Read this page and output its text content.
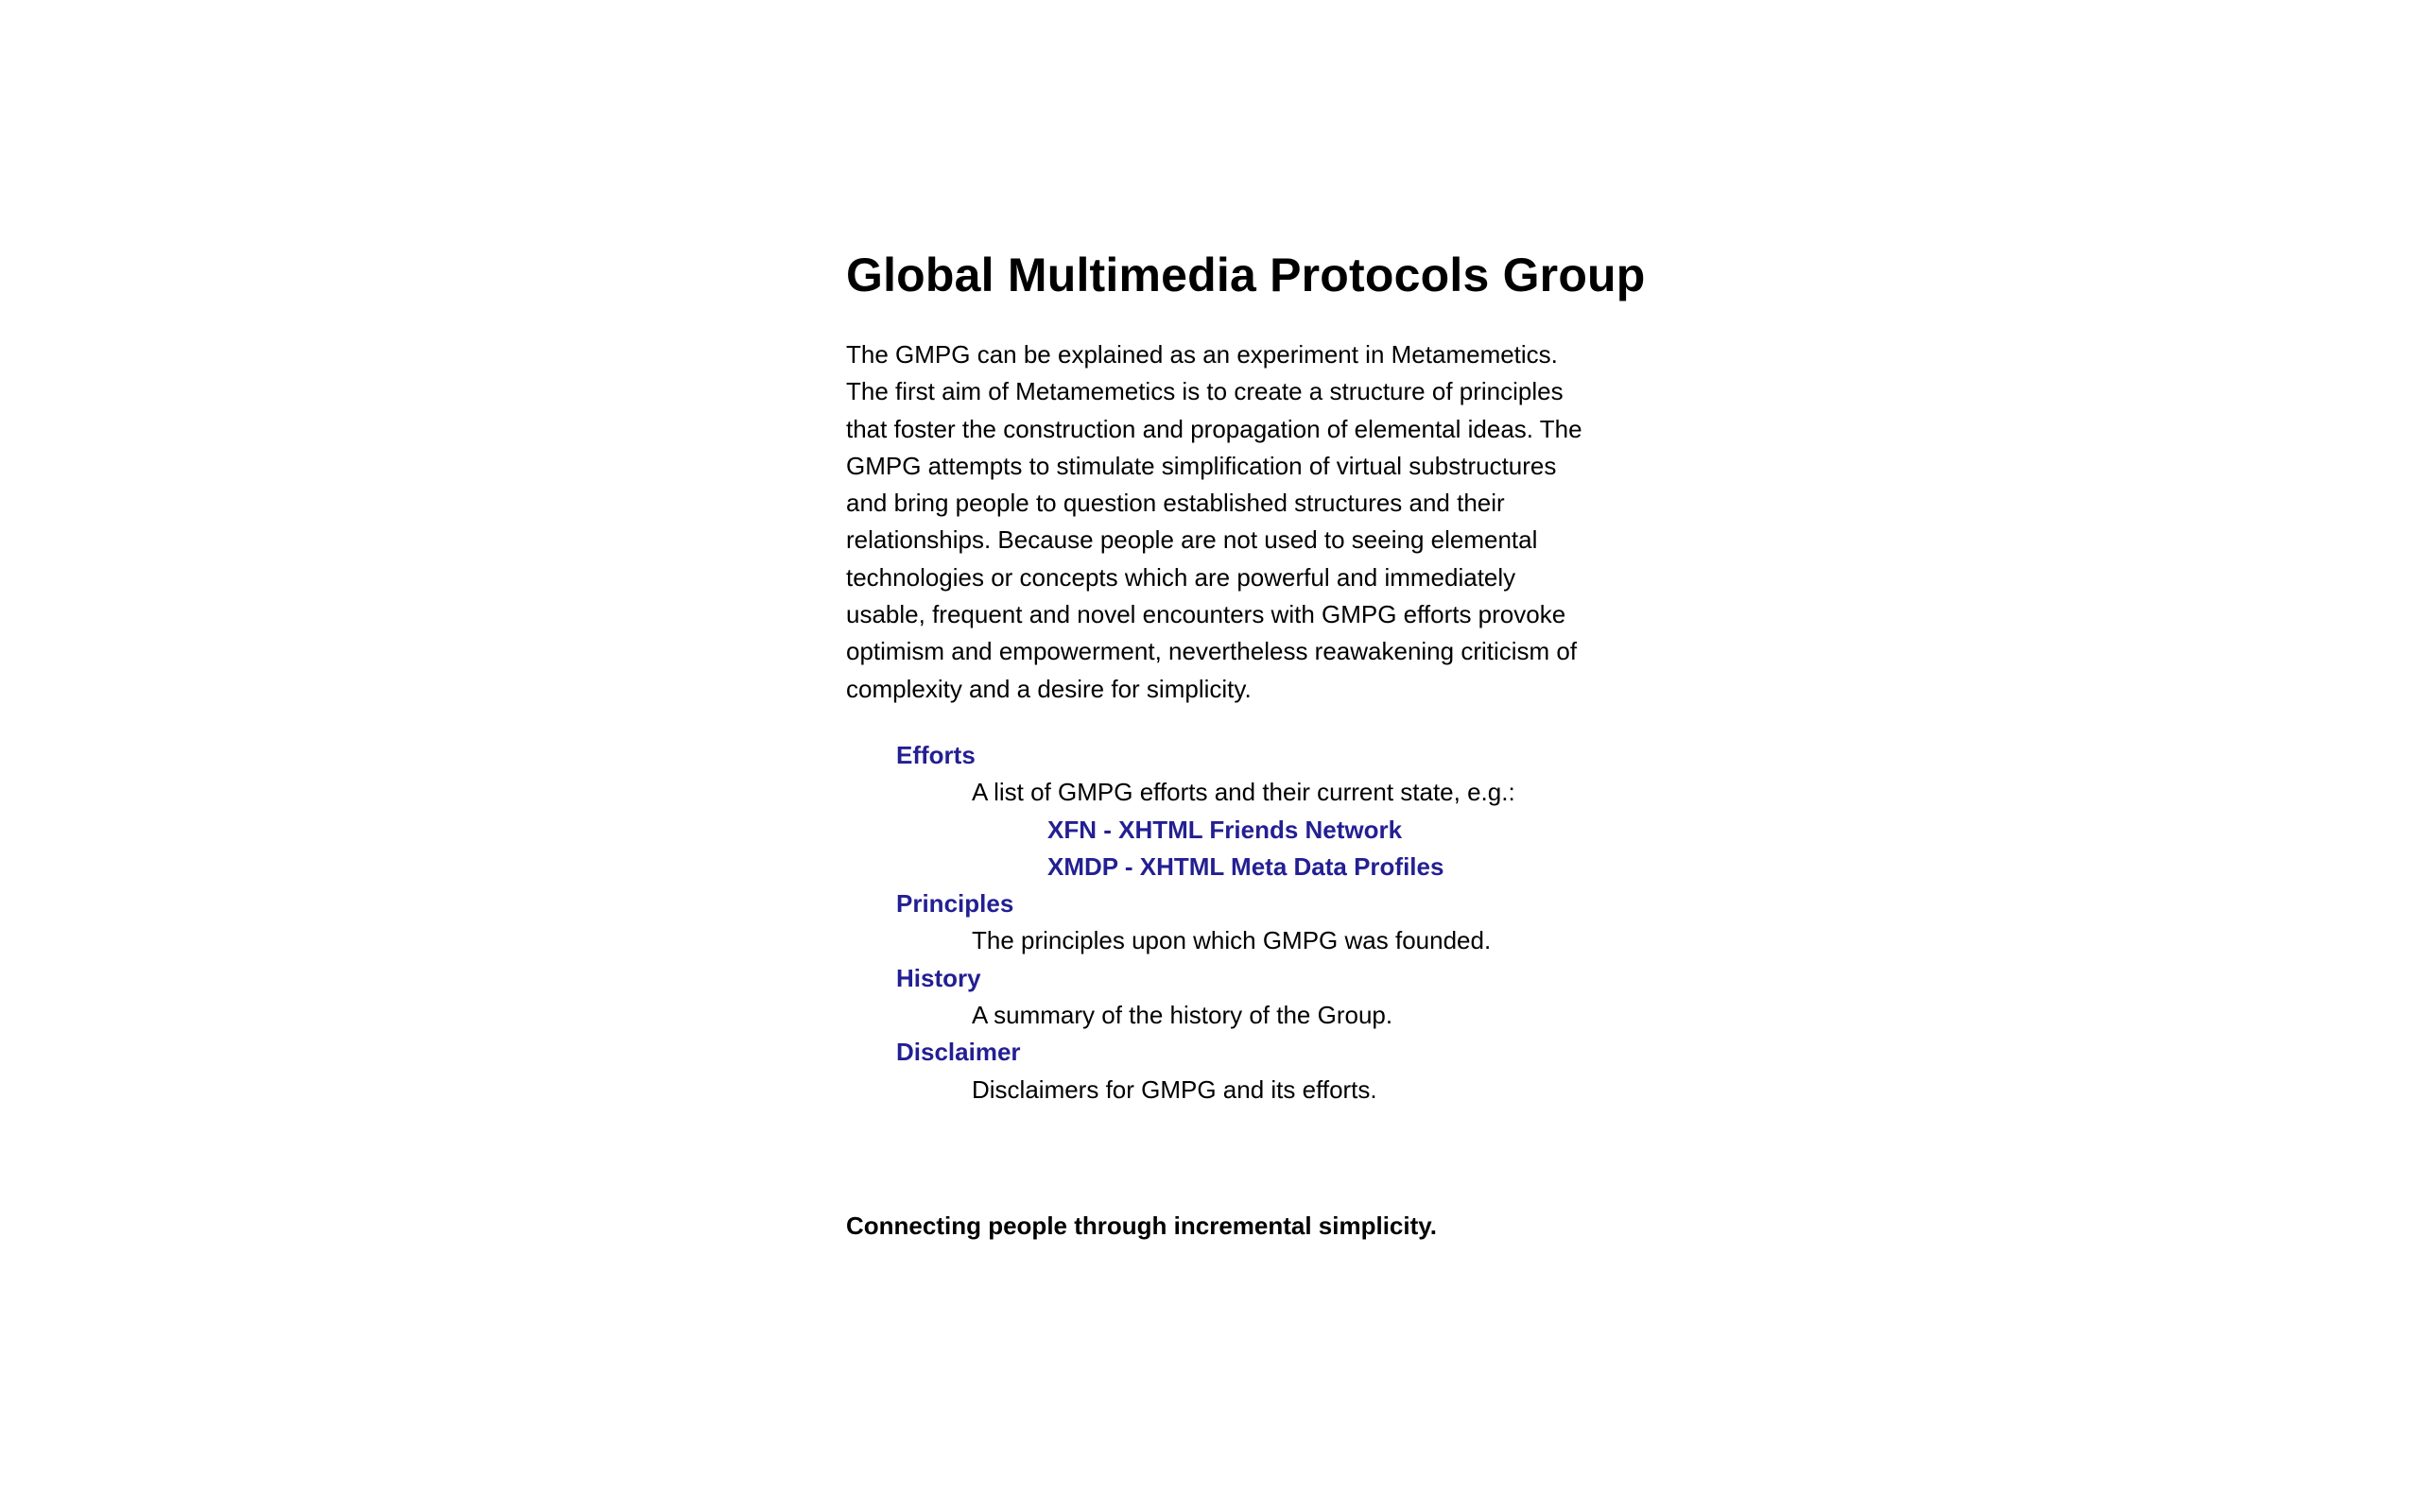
Global Multimedia Protocols Group

The GMPG can be explained as an experiment in Metamemetics. The first aim of Metamemetics is to create a structure of principles that foster the construction and propagation of elemental ideas. The GMPG attempts to stimulate simplification of virtual substructures and bring people to question established structures and their relationships. Because people are not used to seeing elemental technologies or concepts which are powerful and immediately usable, frequent and novel encounters with GMPG efforts provoke optimism and empowerment, nevertheless reawakening criticism of complexity and a desire for simplicity.

Efforts
A list of GMPG efforts and their current state, e.g.:
XFN - XHTML Friends Network
XMDP - XHTML Meta Data Profiles
Principles
The principles upon which GMPG was founded.
History
A summary of the history of the Group.
Disclaimer
Disclaimers for GMPG and its efforts.

Connecting people through incremental simplicity.
